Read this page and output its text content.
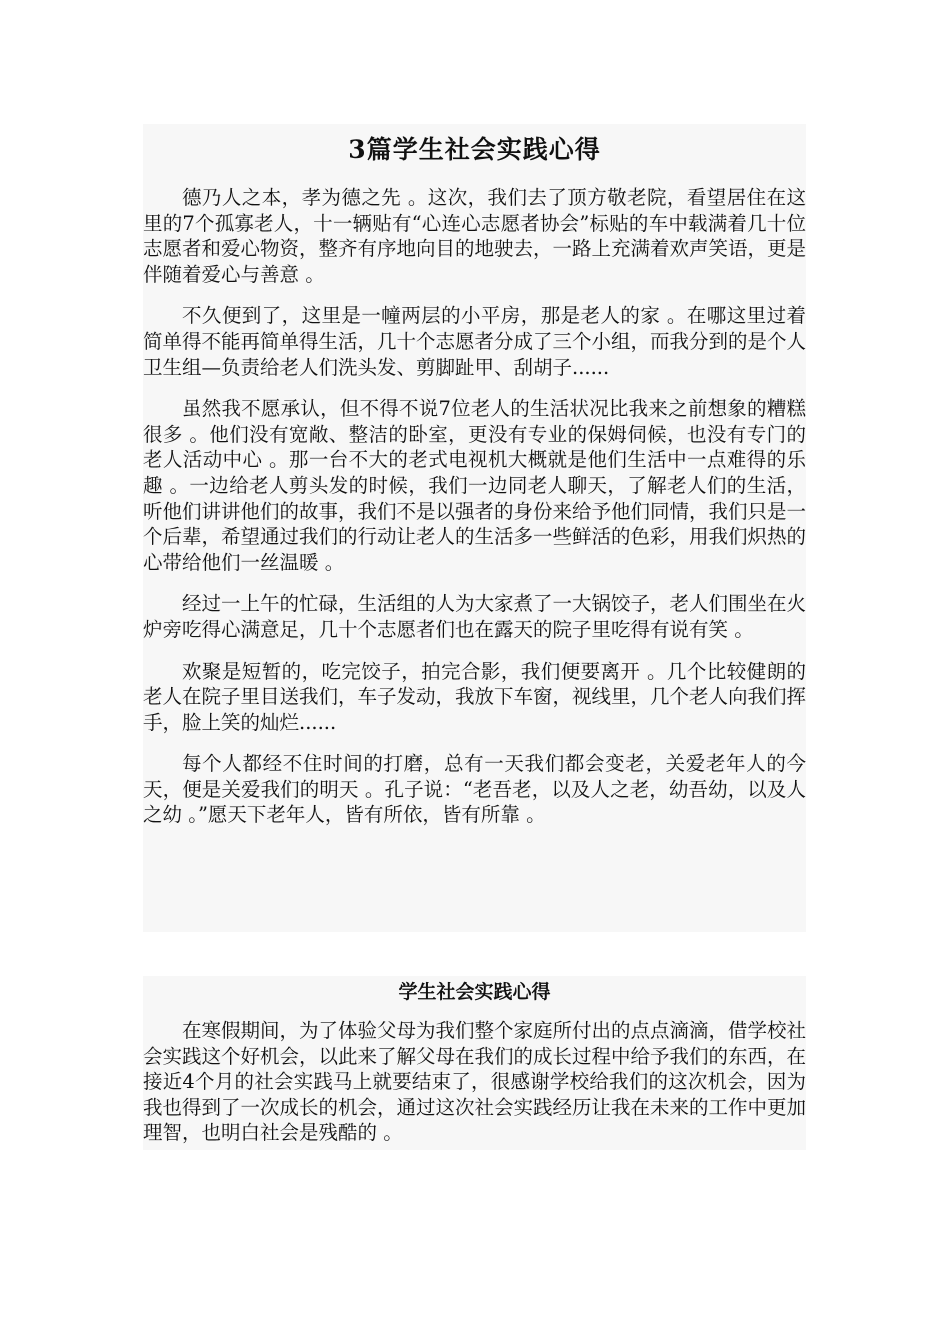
3篇学生社会实践心得

德乃人之本，孝为德之先 。这次，我们去了顶方敬老院，看望居住在这里的7个孤寡老人，十一辆贴有“心连心志愿者协会”标贴的车中载满着几十位志愿者和爱心物资，整齐有序地向目的地驶去，一路上充满着欢声笑语，更是伴随着爱心与善意 。

不久便到了，这里是一幢两层的小平房，那是老人的家 。在哪这里过着简单得不能再简单得生活，几十个志愿者分成了三个小组，而我分到的是个人卫生组—负责给老人们洗头发、剪脚趾甲、刮胡子......

虽然我不愿承认，但不得不说7位老人的生活状况比我来之前想象的糟糕很多 。他们没有宽敞、整洁的卧室，更没有专业的保姆伺候，也没有专门的老人活动中心 。那一台不大的老式电视机大概就是他们生活中一点难得的乐趣 。一边给老人剪头发的时候，我们一边同老人聊天，了解老人们的生活，听他们讲讲他们的故事，我们不是以强者的身份来给予他们同情，我们只是一个后辈，希望通过我们的行动让老人的生活多一些鲜活的色彩，用我们炽热的心带给他们一丝温暖 。

经过一上午的忙碌，生活组的人为大家煮了一大锅饺子，老人们围坐在火炉旁吃得心满意足，几十个志愿者们也在露天的院子里吃得有说有笑 。

欢聚是短暂的，吃完饺子，拍完合影，我们便要离开 。几个比较健朗的老人在院子里目送我们，车子发动，我放下车窗，视线里，几个老人向我们挥手，脸上笑的灿烂......

每个人都经不住时间的打磨，总有一天我们都会变老，关爱老年人的今天，便是关爱我们的明天 。孔子说：“老吾老，以及人之老，幼吾幼，以及人之幼 。”愿天下老年人，皆有所依，皆有所靠 。

学生社会实践心得

在寒假期间，为了体验父母为我们整个家庭所付出的点点滴滴，借学校社会实践这个好机会，以此来了解父母在我们的成长过程中给予我们的东西，在接近4个月的社会实践马上就要结束了，很感谢学校给我们的这次机会，因为我也得到了一次成长的机会，通过这次社会实践经历让我在未来的工作中更加理智，也明白社会是残酷的 。
